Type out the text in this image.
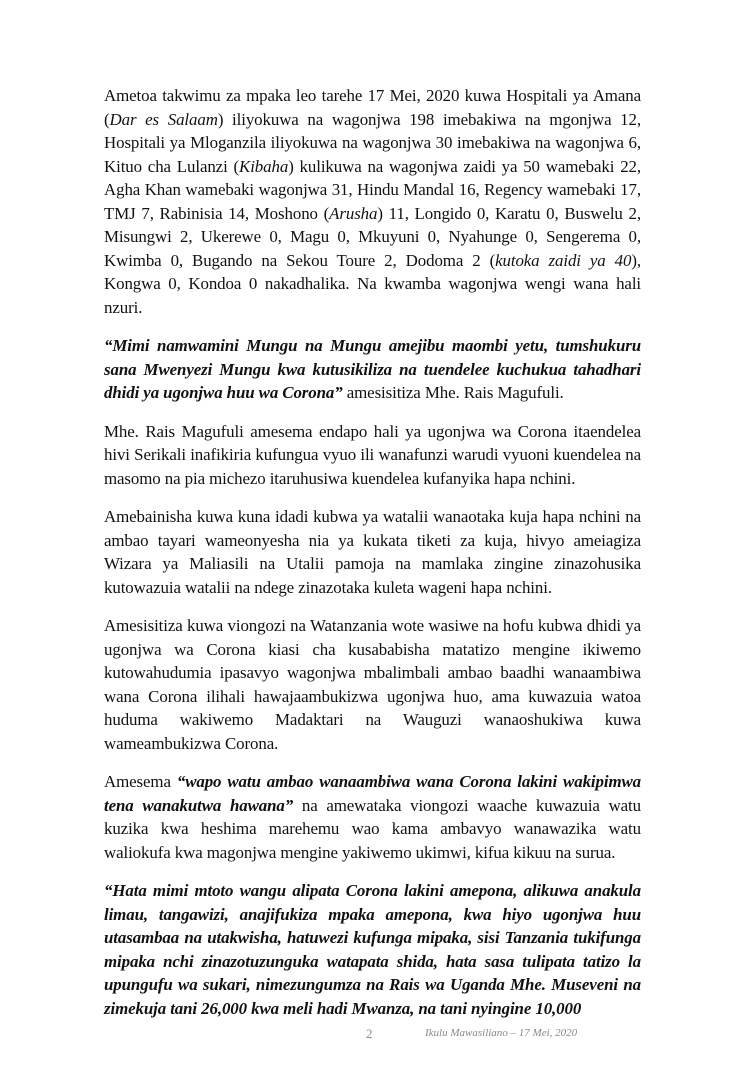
Ametoa takwimu za mpaka leo tarehe 17 Mei, 2020 kuwa Hospitali ya Amana (Dar es Salaam) iliyokuwa na wagonjwa 198 imebakiwa na mgonjwa 12, Hospitali ya Mloganzila iliyokuwa na wagonjwa 30 imebakiwa na wagonjwa 6, Kituo cha Lulanzi (Kibaha) kulikuwa na wagonjwa zaidi ya 50 wamebaki 22, Agha Khan wamebaki wagonjwa 31, Hindu Mandal 16, Regency wamebaki 17, TMJ 7, Rabinisia 14, Moshono (Arusha) 11, Longido 0, Karatu 0, Buswelu 2, Misungwi 2, Ukerewe 0, Magu 0, Mkuyuni 0, Nyahunge 0, Sengerema 0, Kwimba 0, Bugando na Sekou Toure 2, Dodoma 2 (kutoka zaidi ya 40), Kongwa 0, Kondoa 0 nakadhalika. Na kwamba wagonjwa wengi wana hali nzuri.

“Mimi namwamini Mungu na Mungu amejibu maombi yetu, tumshukuru sana Mwenyezi Mungu kwa kutusikiliza na tuendelee kuchukua tahadhari dhidi ya ugonjwa huu wa Corona” amesisitiza Mhe. Rais Magufuli.

Mhe. Rais Magufuli amesema endapo hali ya ugonjwa wa Corona itaendelea hivi Serikali inafikiria kufungua vyuo ili wanafunzi warudi vyuoni kuendelea na masomo na pia michezo itaruhusiwa kuendelea kufanyika hapa nchini.

Amebainisha kuwa kuna idadi kubwa ya watalii wanaotaka kuja hapa nchini na ambao tayari wameonyesha nia ya kukata tiketi za kuja, hivyo ameiagiza Wizara ya Maliasili na Utalii pamoja na mamlaka zingine zinazohusika kutowazuia watalii na ndege zinazotaka kuleta wageni hapa nchini.

Amesisitiza kuwa viongozi na Watanzania wote wasiwe na hofu kubwa dhidi ya ugonjwa wa Corona kiasi cha kusababisha matatizo mengine ikiwemo kutowahudumia ipasavyo wagonjwa mbalimbali ambao baadhi wanaambiwa wana Corona ilihali hawajaambukizwa ugonjwa huo, ama kuwazuia watoa huduma wakiwemo Madaktari na Wauguzi wanaoshukiwa kuwa wameambukizwa Corona.

Amesema “wapo watu ambao wanaambiwa wana Corona lakini wakipimwa tena wanakutwa hawana” na amewataka viongozi waache kuwazuia watu kuzika kwa heshima marehemu wao kama ambavyo wanawazika watu waliokufa kwa magonjwa mengine yakiwemo ukimwi, kifua kikuu na surua.

“Hata mimi mtoto wangu alipata Corona lakini amepona, alikuwa anakula limau, tangawizi, anajifukiza mpaka amepona, kwa hiyo ugonjwa huu utasambaa na utakwisha, hatuwezi kufunga mipaka, sisi Tanzania tukifunga mipaka nchi zinazotuzunguka watapata shida, hata sasa tulipata tatizo la upungufu wa sukari, nimezungumza na Rais wa Uganda Mhe. Museveni na zimekuja tani 26,000 kwa meli hadi Mwanza, na tani nyingine 10,000

2	Ikulu Mawasiliano – 17 Mei, 2020
